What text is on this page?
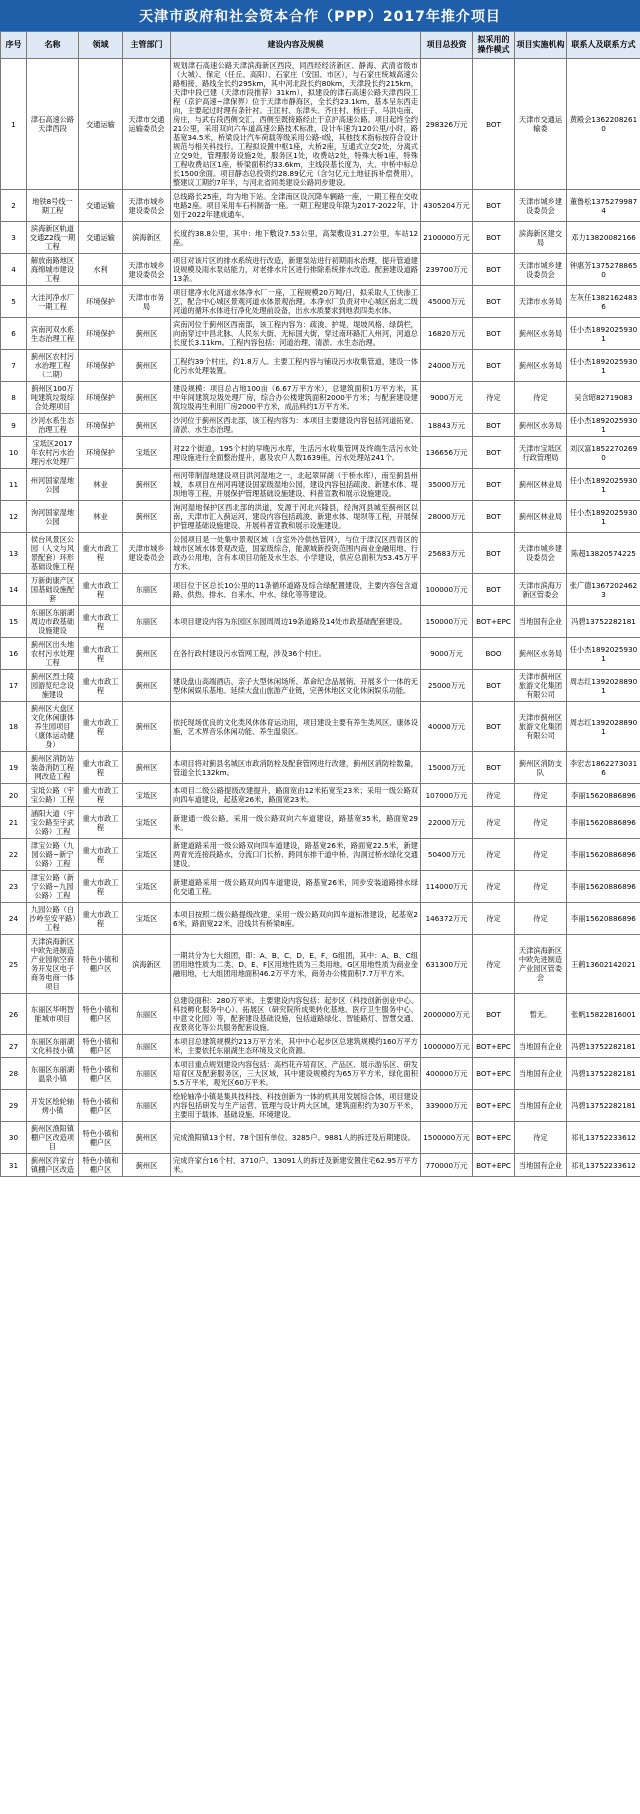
天津市政府和社会资本合作（PPP）2017年推介项目
序号	名称	领域	主管部门	建设内容及规模	项目总投资	拟采用的操作模式	项目实施机构	联系人及联系方式
1	津石高速公路天津西段	交通运输	天津市交通运输委员会	规划津石高速公路天津滨海新区西段，同西经经济新区、静海、武清省级市（大城）、保定（任丘、高阳）、石家庄（安国、市区），与石家庄统城高速公路相接，路线全长约295km，其中河北段长约80km，天津段长约215km，天津中段已建（天津市段推荐）31km），拟建设的津石高速公路天津西段工程（京沪高速~津保界）位于天津市静海区，全长约23.1km，基本呈东西走向，主要起过时理有条针衬。王匡村、东津头、齐庄村、杨庄子、马洪屯南、房庄，与武右段西侧交汇，西侧至既接路经止于京沪高速公路。项目起终全约21公里，采用双向六车道高速公路技术标准，设计车速为120公里/小时，路基宽34.5米，桥梁设计汽车荷载等级采用公路-I级，其他技术指标按符合设计规范与相关科技行。工程拟设置中枢1座，大桥2座，互通式立交2处，分离式立交9处，管理服务设施2处，服务区1处，收费站2处，特殊大桥1座，特殊工程收费站区1座，桥梁面积约33.6km，主线段基长度为，大、中桥中标总长1500余面。项目静态总投资约28.89亿元（含匀亿元土地征拆补偿费用），整建议工期约7年半，与河北省同类建设公路同步建设。	298326万元	BOT	天津市交通运输委	黄殿会13622082610
2	地铁8号线一期工程	交通运输	天津市城乡建设委员会	总线路长25座，均为地下站。全津南区设沉降车辆路一座，一期工程在交收电路2座。项目采用车石科制备一座。一期工程建设年限为2017-2022年，计划于2022年建成通车。	4305204万元	BOT	天津市城乡建设委员会	董鲁松13752799874
3	滨海新区轨道交通Z2线一期工程	交通运输	滨海新区	长度约38.8公里，其中：地下敷设7.53公里，高架敷设31.27公里，车站12座。	2100000万元	BOT	滨海新区建交局	邓力13820082166
4	解放南路地区海绵城市建设工程	水利	天津市城乡建设委员会	项目对该片区的排水系统进行改造，新建泵站进行初期雨水治理，提升管道建设规模及雨水泵站能力，对老排水片区进行排除系统排水改造。配套建设道路13条。	239700万元	BOT	天津市城乡建设委员会	钟惠芳13752788650
5	大洼河净水厂一期工程	环境保护	天津市市务局	项目建净水化河道水体净水厂一座，工程规模20万吨/日，拟采取人工快渗工艺，配合中心城区景观河道水体景观治理。本净水厂负责对中心城区南北二级河道的循环水体进行净化处理前设备，出水水质要求到地表四类水体。	45000万元	BOT	天津市水务局	左灰任13821624836
6	宾南河双水系生态治理工程	环境保护	蓟州区	宾南河位于蓟州区西南部，该工程内容为：疏浚、护堤、堤坡风格、绿荫栏，向南穿过中昌北脉、人民东大街、无标国大街，穿过南环路汇入州河，河道总长度长3.11km。工程内容包括：河道治理、清淤、水生态治理。	16820万元	BOT	蓟州区水务局	任小杰18920259301
7	蓟州区农村污水治理工程（二期）	环境保护	蓟州区	工程约39个村庄，约1.8万人。主要工程内容与铺设污水收集管道，建设一体化污水处理装置。	24000万元	BOT	蓟州区水务局	任小杰18920259301
8	蓟州区100万吨建筑垃圾综合处理项目	环境保护	蓟州区	建设规模：项目总占地100亩（6.67万平方米），总建筑面积1万平方米，其中年间建筑垃圾处理厂房，综合办公楼建筑面积2000平方米；与配套建设建筑垃圾再生利用厂房2000平方米，成品料约1万平方米。	9000万元	待定	待定	吴含昭82719083
9	沙河水系生态治理工程	环境保护	蓟州区	沙河位于蓟州区西北部，该工程内容为：本项目主要建设内容包括河道拓宽、清淤、水生态治理。	18843万元	BOT	蓟州区水务局	任小杰18920259301
10	宝坻区2017年农村污水治理污水处理厂	环境保护	宝坻区	对22个街道，195个村的早晚污水库，生活污水收集管网及终端生活污水处理设施进行全面整治提升，惠及农户人数1639座，污水处理站241个。	136656万元	BOT	天津市宝坻区行政管理局	刘汉富18522702690
11	州河国家湿地公园	林业	蓟州区	州河带制湿地建设项目洪河湿地之一，北起翠屏湖（于桥水库），南至蓟县州城，本项目在州河再建设国家级湿地公园，建设内容包括疏浚、新建水体、堤坝地等工程，开展保护管理基础设施建设、科普宣教和展示设施建设。	35000万元	BOT	蓟州区林业局	任小杰18920259301
12	洵河国家湿地公园	林业	蓟州区	洵河湿地保护区西北部的洪道，发源于河北兴隆县，经洵河县城至蓟州区以南，天津市汇入蓟运河，建设内容包括疏浚、新建水体、堤坝等工程，开展保护管理基础设施建设、开展科普宣教和展示设施建设。	28000万元	BOT	蓟州区林业局	任小杰18920259301
13	侯台风景区公园（人文与风景配套）环形基础设施工程	重大市政工程	天津市城乡建设委员会	公园项目是一处集中景观区域（含室外冷供热管网），与位于津汉区西青区的城市区域水体景观改造，国家级综合，能源城新投资范围内商业金融用地、行政办公用地，含有本项目功能及水生态、小学建设，供应总面积为53.45万平方米。	25683万元	BOT	天津市城乡建设委员会	陈超13820574225
14	万新街康产区国基础设施配套	重大市政工程	东丽区	项目位于区总长10公里的11条循环道路及综合绿配置建设，主要内容包含道路、供热、排水、自来水、中水、绿化等等建设。	100000万元	BOT	天津市滨海万新区管委会	张广德13672024623
15	东丽区东丽湖周边市政基础设施建设	重大市政工程	东丽区	本项目建设内容为东园区东园周周边19条道路及14处市政基础配套建设。	150000万元	BOT+EPC	当地国有企业	冯碧13752282181
16	蓟州区出头地农村污水处理工程	重大市政工程	蓟州区	在各行政村建设污水管网工程，涉及36个村庄。	9000万元	BOO	蓟州区水务局	任小杰18920259301
17	蓟州区烈士陵园游览纪念设施建设	重大市政工程	蓟州区	建设盘山高端酒店、亲子大型休闲场所、革命纪念品展销、开展多个一体的无型休闲娱乐基地。延续大盘山旅游产业链，完善休地区文化休闲娱乐功能。	25000万元	BOT	天津市蓟州区旅游文化集团有限公司	周志红13920288901
18	蓟州区大盘区文化休闲康体养生园项目（康体运动健身）	重大市政工程	蓟州区	依托现场优良的文化类风休体育运动用，项目建设主要有养生类风区、康体设施，艺术界音乐休闲功能、养生温泉区。	40000万元	BOT	天津市蓟州区旅游文化集团有限公司	周志红13920288901
19	蓟州区消防站装备消防工程网改造工程	重大市政工程	蓟州区	本项目将对蓟县名城区市政消防栓及配套管网进行改建，蓟州区消防栓数量，管道全长132km。	15000万元	BOT	蓟州区消防支队	李宏志18622730316
20	宝坻公路（宇宝公路）工程	重大市政工程	宝坻区	本项目二级公路提级改建提升，路面宽由12米拓宽至23米；采用一级公路双向四车道建设，起基宽26米，路面宽23米。	107000万元	待定	待定	李丽15620886896
21	涵阳大道（宇宝公路至宇武公路）工程	重大市政工程	宝坻区	新建通一级公路，采用一级公路双向六车道建设，路基宽35米，路面宽29米。	22000万元	待定	待定	李丽15620886896
22	津宝公路（九园公路~新宁公路）工程	重大市政工程	宝坻区	新建道路采用一级公路双向四车道建设，路基宽26米，路面宽22.5米，新建两青光连接段路水，分流口门长桥、跨同东排干道中桥、沟洞过桥水绿化交通建设。	50400万元	待定	待定	李丽15620886896
23	津宝公路（新宁公路~九园公路）工程	重大市政工程	宝坻区	新建道路采用一级公路双向四车道建设，路基宽26米，同步安装道路排水绿化交通工程。	114000万元	待定	待定	李丽15620886896
24	九园公路（白沙岭至安平路）工程	重大市政工程	宝坻区	本项目按照二级公路提级改建，采用一级公路双向四车道标准建设，起基宽26米，路面宽22米，沿线共有桥梁8座。	146372万元	待定	待定	李丽15620886896
25	天津滨海新区中欧先进制造产业园航空商务开发区电子商务电商一体项目	特色小镇和棚户区	滨海新区	一期共分为七大组团，即：A、B、C、D、E、F、G组团，其中：A、B、C组团用地性质为二类、D、E、F区用地性质为三类用地。G区用地性质为商业金融用地，七大组团用地面积46.2万平方米，商务办公楼面积7.7万平方米。	631300万元	待定	天津滨海新区中欧先进制造产业园区管委会	王鹤13602142021
26	东丽区华明智能城市项目	特色小镇和棚户区	东丽区	总建设面积：280万平米。主要建设内容包括：起步区（科技创新创业中心、科技孵化服务中心）、拓展区（研究院所成果转化基地、医疗卫生服务中心、中意文化园）等，配套建设基础设施，包括道路绿化、智能路灯、智慧交通、夜景亮化等公共服务配套设施。	2000000万元	BOT	暂无。	张帆15822816001
27	东丽区东丽湖文化科技小镇	特色小镇和棚户区	东丽区	本项目总建筑规模约213万平方米，其中中心起步区总建筑规模约160万平方米，主要依托东丽湖生态环境及文化资源。	1000000万元	BOT+EPC	当地国有企业	冯碧13752282181
28	东丽区东丽湖温泉小镇	特色小镇和棚户区	东丽区	本项目重点规划建设内容包括：高档花卉培育区、产品区、展示游乐区、研发培育区及配套服务区，三大区域，其中建设规模约为65万平方米，绿化面积5.5万平米，观光区60万平米。	400000万元	BOT+EPC	当地国有企业	冯碧13752282181
29	开发区绘轮轴烤小镇	特色小镇和棚户区	东丽区	绘轮轴净小镇是集具技科技、科技创新为一体的机具用发展综合体，项目建设内容包括研发与生产运营、管理与设计两大区域，建筑面积约为30万平米，主要用于载体、基础设施、环境建设。	339000万元	BOT+EPC	当地国有企业	冯碧13752282181
30	蓟州区渔阳镇棚户区改造项目	特色小镇和棚户区	蓟州区	完成渔阳镇13个村、78个国有单位、3285户、9881人的拆迁及后期建设。	1500000万元	BOT+EPC	待定	祁礼13752233612
31	蓟州区许家台镇棚户区改造	特色小镇和棚户区	蓟州区	完成许家台16个村、3710户、13091人的拆迁及新建安置住宅62.95万平方米。	770000万元	BOT+EPC	当地国有企业	祁礼13752233612
